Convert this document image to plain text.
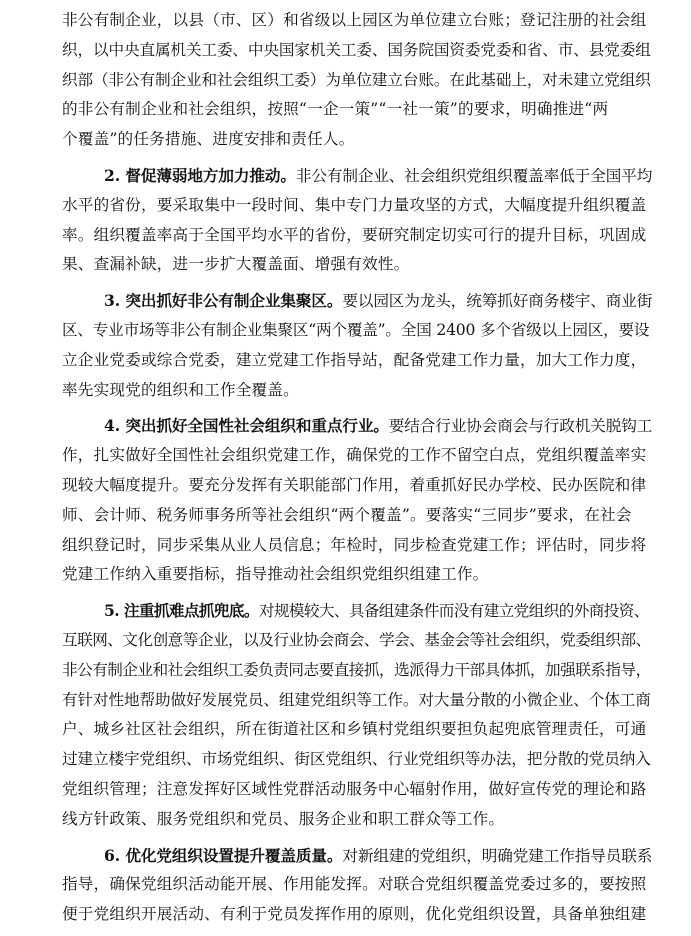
非公有制企业，以县（市、区）和省级以上园区为单位建立台账；登记注册的社会组
织，以中央直属机关工委、中央国家机关工委、国务院国资委党委和省、市、县党委组
织部（非公有制企业和社会组织工委）为单位建立台账。在此基础上，对未建立党组织
的非公有制企业和社会组织，按照“一企一策”“一社一策”的要求，明确推进“两
个覆盖”的任务措施、进度安排和责任人。
2. 督促薄弱地方加力推动。非公有制企业、社会组织党组织覆盖率低于全国平均
水平的省份，要采取集中一段时间、集中专门力量攻坚的方式，大幅度提升组织覆盖
率。组织覆盖率高于全国平均水平的省份，要研究制定切实可行的提升目标，巩固成
果、查漏补缺，进一步扩大覆盖面、增强有效性。
3. 突出抓好非公有制企业集聚区。要以园区为龙头，统筹抓好商务楼宇、商业街
区、专业市场等非公有制企业集聚区“两个覆盖”。全国 2400 多个省级以上园区，要设
立企业党委或综合党委，建立党建工作指导站，配备党建工作力量，加大工作力度，
率先实现党的组织和工作全覆盖。
4. 突出抓好全国性社会组织和重点行业。要结合行业协会商会与行政机关脱钩工
作，扎实做好全国性社会组织党建工作，确保党的工作不留空白点，党组织覆盖率实
现较大幅度提升。要充分发挥有关职能部门作用，着重抓好民办学校、民办医院和律
师、会计师、税务师事务所等社会组织“两个覆盖”。要落实“三同步”要求，在社会
组织登记时，同步采集从业人员信息；年检时，同步检查党建工作；评估时，同步将
党建工作纳入重要指标，指导推动社会组织党组织组建工作。
5. 注重抓难点抓兜底。对规模较大、具备组建条件而没有建立党组织的外商投资、
互联网、文化创意等企业，以及行业协会商会、学会、基金会等社会组织，党委组织部、
非公有制企业和社会组织工委负责同志要直接抓，选派得力干部具体抓，加强联系指导，
有针对性地帮助做好发展党员、组建党组织等工作。对大量分散的小微企业、个体工商
户、城乡社区社会组织，所在街道社区和乡镇村党组织要担负起兜底管理责任，可通
过建立楼宇党组织、市场党组织、街区党组织、行业党组织等办法，把分散的党员纳入
党组织管理；注意发挥好区域性党群活动服务中心辐射作用，做好宣传党的理论和路
线方针政策、服务党组织和党员、服务企业和职工群众等工作。
6. 优化党组织设置提升覆盖质量。对新组建的党组织，明确党建工作指导员联系
指导，确保党组织活动能开展、作用能发挥。对联合党组织覆盖党委过多的，要按照
便于党组织开展活动、有利于党员发挥作用的原则，优化党组织设置，具备单独组建
